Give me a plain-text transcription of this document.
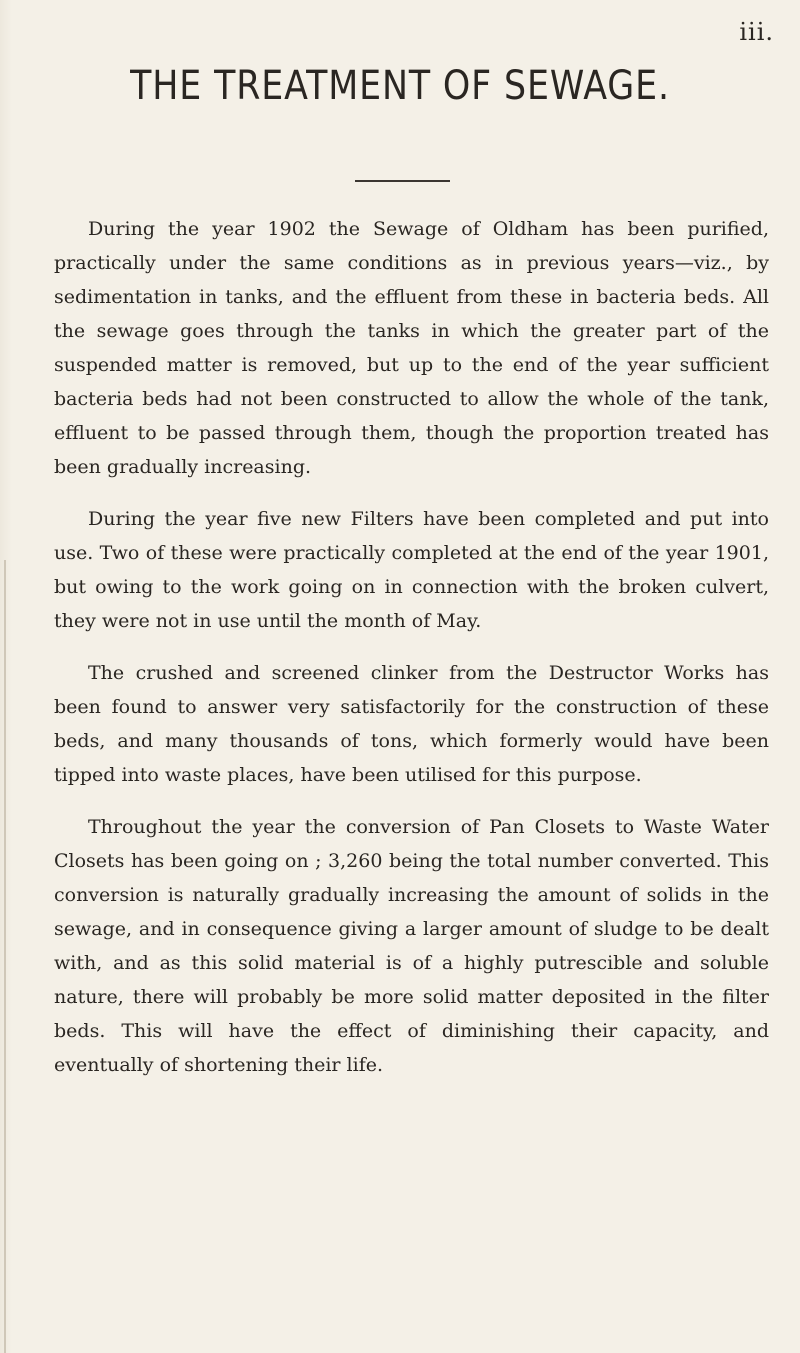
iii.
THE TREATMENT OF SEWAGE.

During the year 1902 the Sewage of Oldham has been purified, practically under the same conditions as in previous years—viz., by sedimentation in tanks, and the effluent from these in bacteria beds. All the sewage goes through the tanks in which the greater part of the suspended matter is removed, but up to the end of the year sufficient bacteria beds had not been constructed to allow the whole of the tank, effluent to be passed through them, though the proportion treated has been gradually increasing.

During the year five new Filters have been completed and put into use. Two of these were practically completed at the end of the year 1901, but owing to the work going on in connection with the broken culvert, they were not in use until the month of May.

The crushed and screened clinker from the Destructor Works has been found to answer very satisfactorily for the construction of these beds, and many thousands of tons, which formerly would have been tipped into waste places, have been utilised for this purpose.

Throughout the year the conversion of Pan Closets to Waste Water Closets has been going on ; 3,260 being the total number converted. This conversion is naturally gradually increasing the amount of solids in the sewage, and in consequence giving a larger amount of sludge to be dealt with, and as this solid material is of a highly putrescible and soluble nature, there will probably be more solid matter deposited in the filter beds. This will have the effect of diminishing their capacity, and eventually of shortening their life.
